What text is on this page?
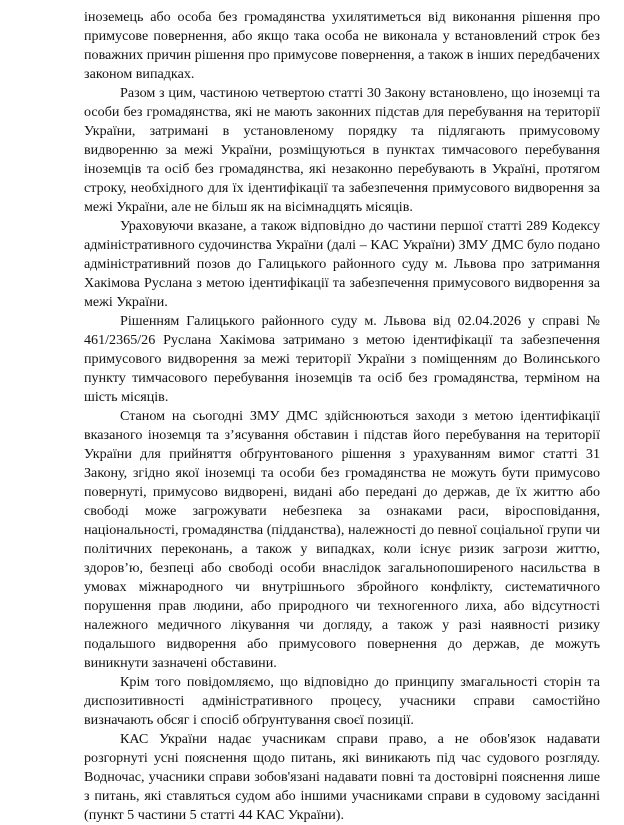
іноземець або особа без громадянства ухилятиметься від виконання рішення про примусове повернення, або якщо така особа не виконала у встановлений строк без поважних причин рішення про примусове повернення, а також в інших передбачених законом випадках.

Разом з цим, частиною четвертою статті 30 Закону встановлено, що іноземці та особи без громадянства, які не мають законних підстав для перебування на території України, затримані в установленому порядку та підлягають примусовому видворенню за межі України, розміщуються в пунктах тимчасового перебування іноземців та осіб без громадянства, які незаконно перебувають в Україні, протягом строку, необхідного для їх ідентифікації та забезпечення примусового видворення за межі України, але не більш як на вісімнадцять місяців.

Ураховуючи вказане, а також відповідно до частини першої статті 289 Кодексу адміністративного судочинства України (далі – КАС України) ЗМУ ДМС було подано адміністративний позов до Галицького районного суду м. Львова про затримання Хакімова Руслана з метою ідентифікації та забезпечення примусового видворення за межі України.

Рішенням Галицького районного суду м. Львова від 02.04.2026 у справі № 461/2365/26 Руслана Хакімова затримано з метою ідентифікації та забезпечення примусового видворення за межі території України з поміщенням до Волинського пункту тимчасового перебування іноземців та осіб без громадянства, терміном на шість місяців.

Станом на сьогодні ЗМУ ДМС здійснюються заходи з метою ідентифікації вказаного іноземця та з’ясування обставин і підстав його перебування на території України для прийняття обґрунтованого рішення з урахуванням вимог статті 31 Закону, згідно якої іноземці та особи без громадянства не можуть бути примусово повернуті, примусово видворені, видані або передані до держав, де їх життю або свободі може загрожувати небезпека за ознаками раси, віросповідання, національності, громадянства (підданства), належності до певної соціальної групи чи політичних переконань, а також у випадках, коли існує ризик загрози життю, здоров’ю, безпеці або свободі особи внаслідок загальнопоширеного насильства в умовах міжнародного чи внутрішнього збройного конфлікту, систематичного порушення прав людини, або природного чи техногенного лиха, або відсутності належного медичного лікування чи догляду, а також у разі наявності ризику подальшого видворення або примусового повернення до держав, де можуть виникнути зазначені обставини.

Крім того повідомляємо, що відповідно до принципу змагальності сторін та диспозитивності адміністративного процесу, учасники справи самостійно визначають обсяг і спосіб обґрунтування своєї позиції.

КАС України надає учасникам справи право, а не обов'язок надавати розгорнуті усні пояснення щодо питань, які виникають під час судового розгляду. Водночас, учасники справи зобов'язані надавати повні та достовірні пояснення лише з питань, які ставляться судом або іншими учасниками справи в судовому засіданні (пункт 5 частини 5 статті 44 КАС України).
